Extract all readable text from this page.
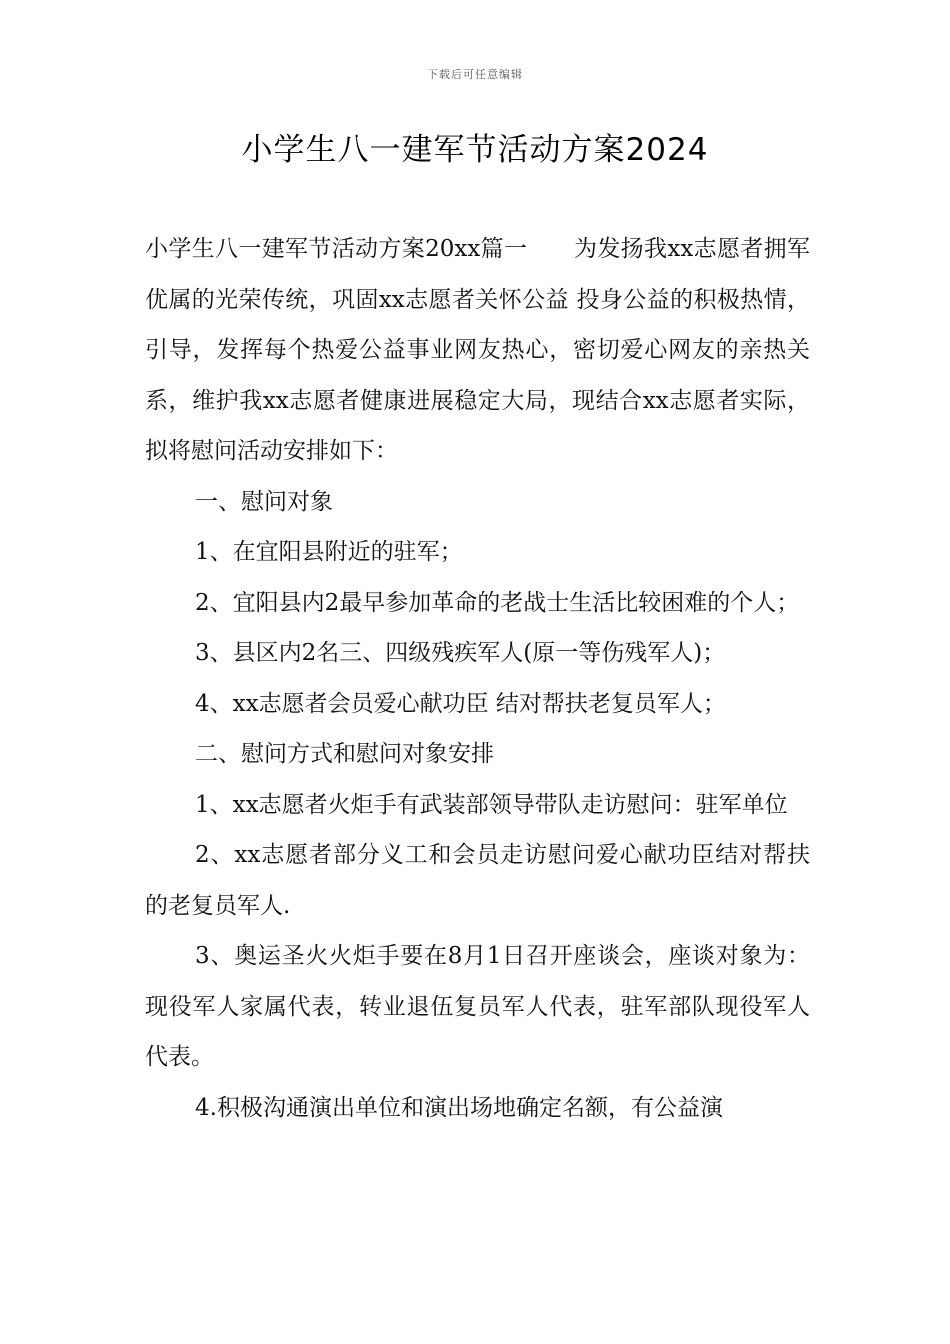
下载后可任意编辑
小学生八一建军节活动方案2024

小学生八一建军节活动方案20xx篇一　　为发扬我xx志愿者拥军优属的光荣传统，巩固xx志愿者关怀公益 投身公益的积极热情，引导，发挥每个热爱公益事业网友热心，密切爱心网友的亲热关系，维护我xx志愿者健康进展稳定大局，现结合xx志愿者实际，拟将慰问活动安排如下：

一、慰问对象

1、在宜阳县附近的驻军；

2、宜阳县内2最早参加革命的老战士生活比较困难的个人；

3、县区内2名三、四级残疾军人(原一等伤残军人)；

4、xx志愿者会员爱心献功臣 结对帮扶老复员军人；

二、慰问方式和慰问对象安排

1、xx志愿者火炬手有武装部领导带队走访慰问：驻军单位

2、xx志愿者部分义工和会员走访慰问爱心献功臣结对帮扶的老复员军人.

3、奥运圣火火炬手要在8月1日召开座谈会，座谈对象为：现役军人家属代表，转业退伍复员军人代表，驻军部队现役军人代表。

4.积极沟通演出单位和演出场地确定名额，有公益演
